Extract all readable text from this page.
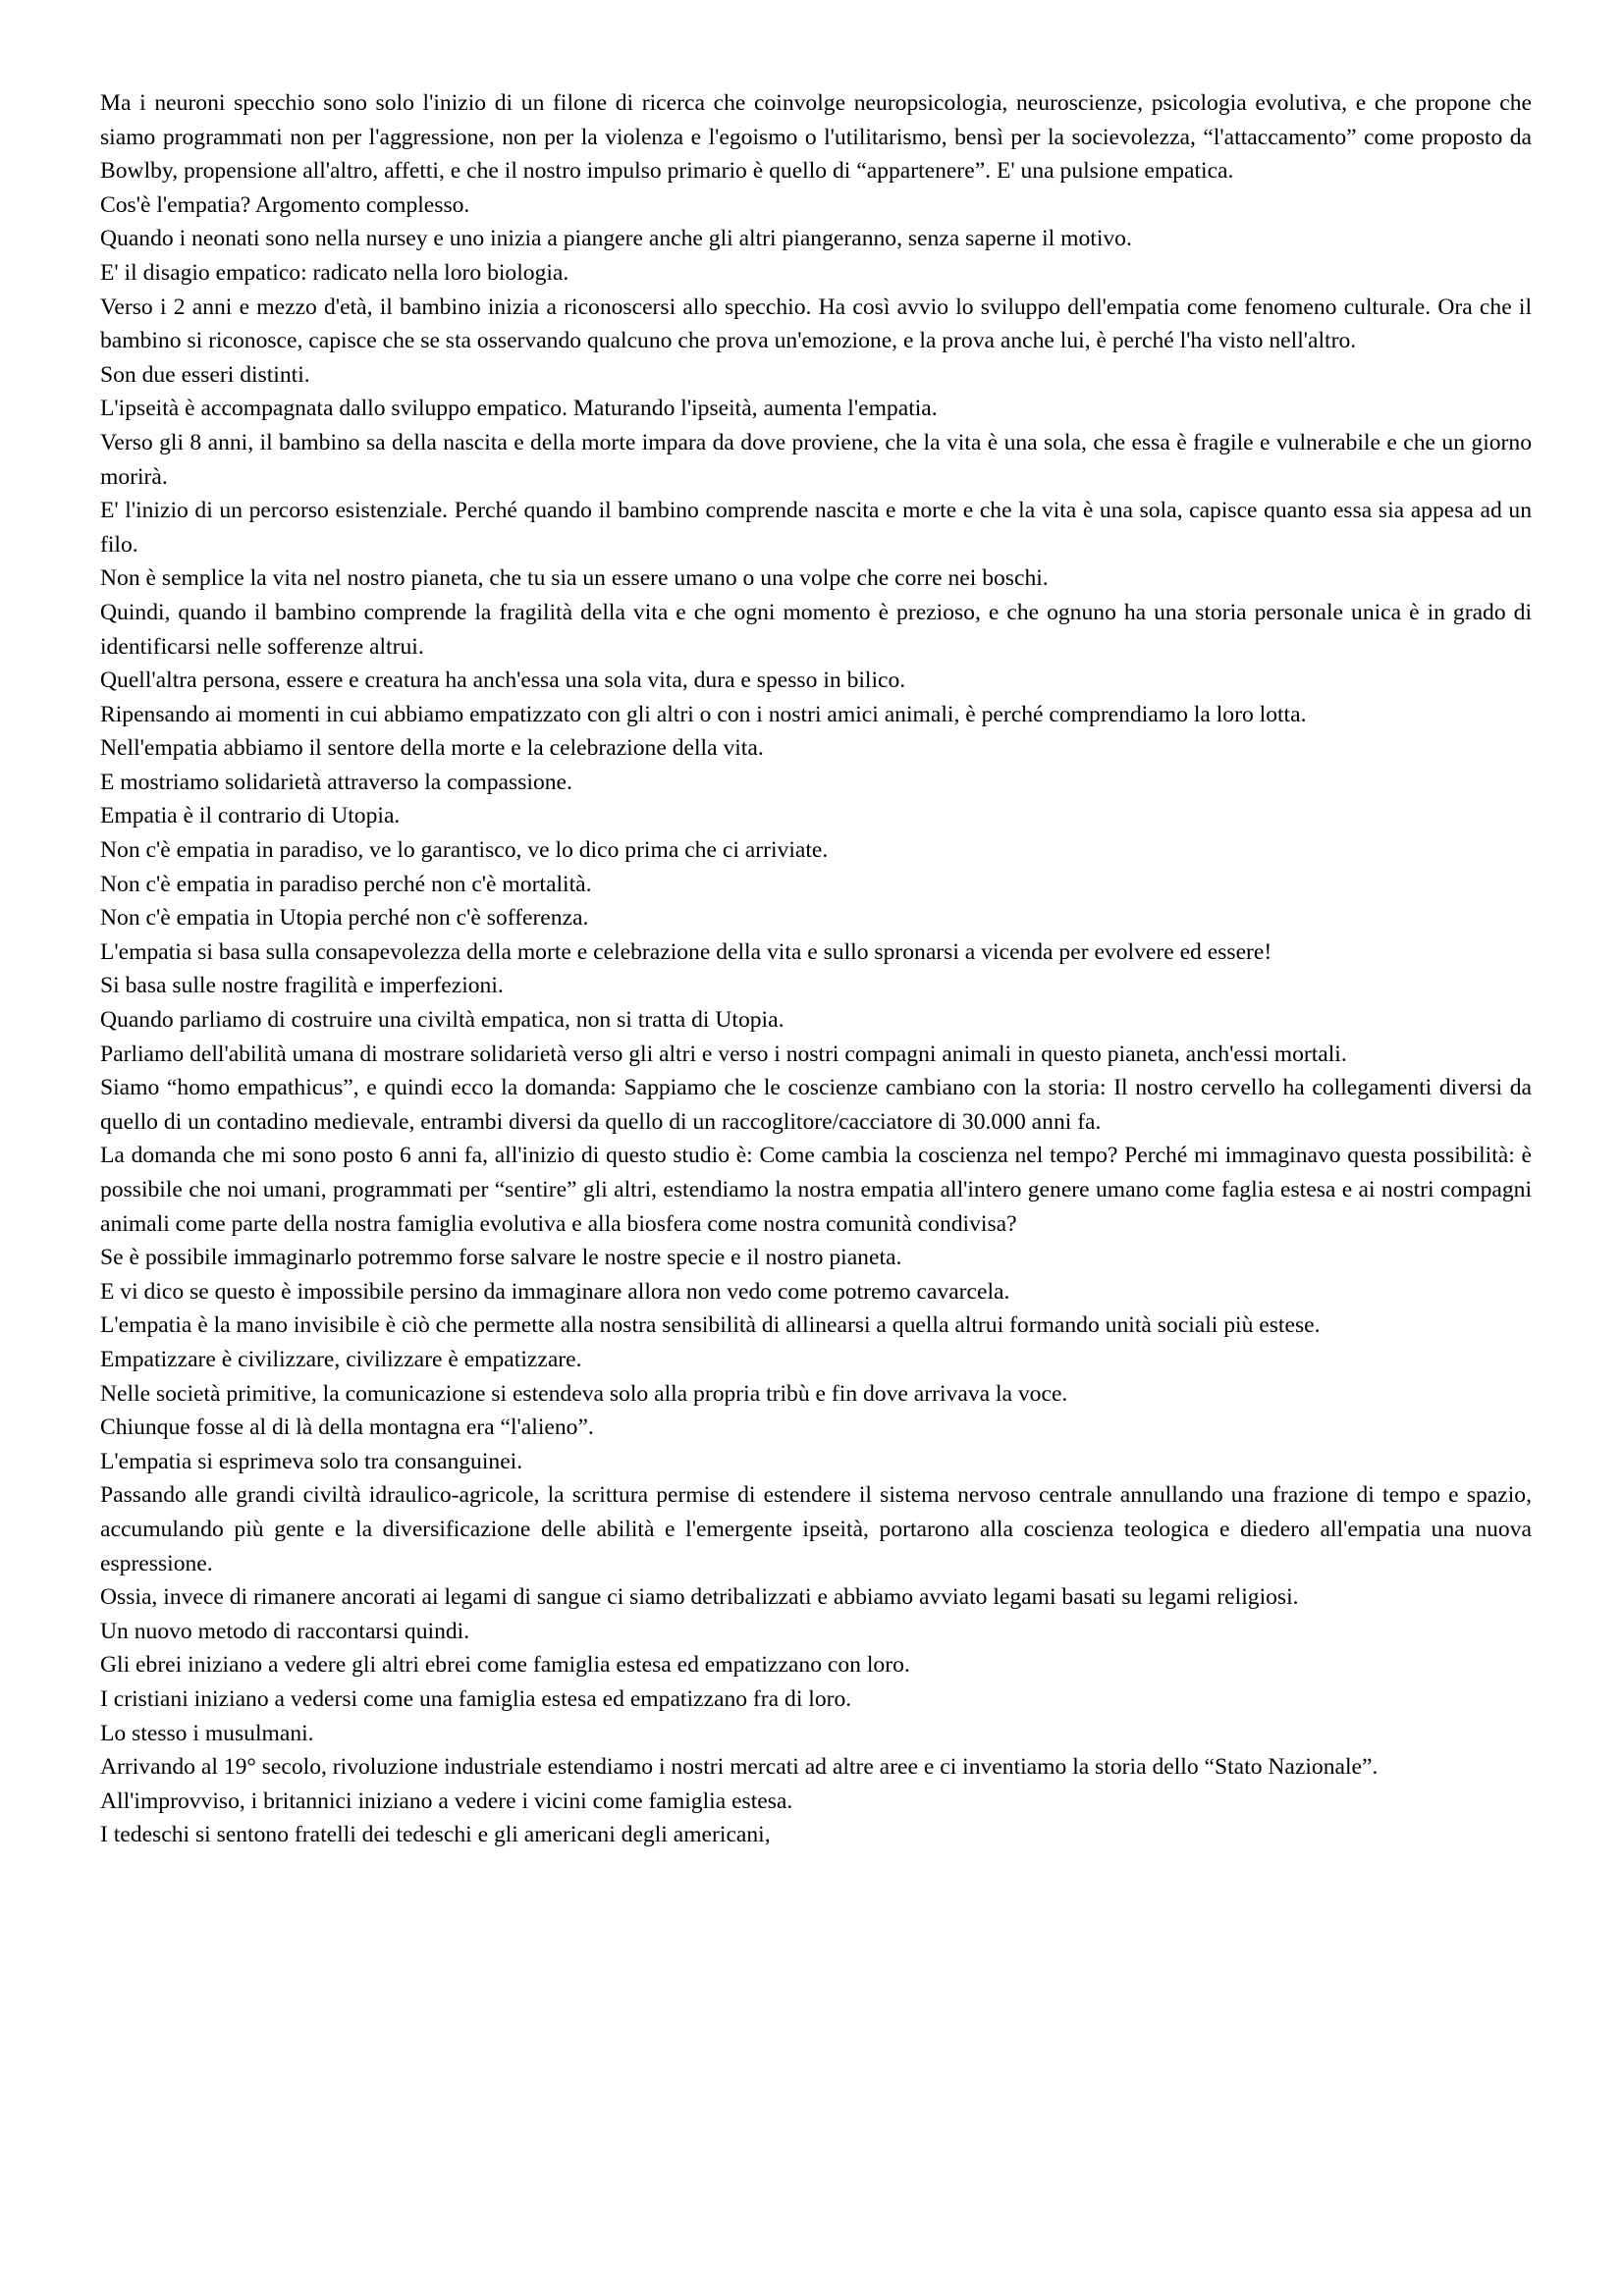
Ma i neuroni specchio sono solo l'inizio di un filone di ricerca che coinvolge neuropsicologia, neuroscienze, psicologia evolutiva, e che propone che siamo programmati non per l'aggressione, non per la violenza e l'egoismo o l'utilitarismo, bensì per la socievolezza, “l'attaccamento” come proposto da Bowlby, propensione all'altro, affetti, e che il nostro impulso primario è quello di “appartenere”. E' una pulsione empatica.

Cos'è l'empatia? Argomento complesso.

Quando i neonati sono nella nursey e uno inizia a piangere anche gli altri piangeranno, senza saperne il motivo.

E' il disagio empatico: radicato nella loro biologia.

Verso i 2 anni e mezzo d'età, il bambino inizia a riconoscersi allo specchio. Ha così avvio lo sviluppo dell'empatia come fenomeno culturale. Ora che il bambino si riconosce, capisce che se sta osservando qualcuno che prova un'emozione, e la prova anche lui, è perché l'ha visto nell'altro.

Son due esseri distinti.

L'ipseità è accompagnata dallo sviluppo empatico. Maturando l'ipseità, aumenta l'empatia.

Verso gli 8 anni, il bambino sa della nascita e della morte impara da dove proviene, che la vita è una sola, che essa è fragile e vulnerabile e che un giorno morirà.

E' l'inizio di un percorso esistenziale. Perché quando il bambino comprende nascita e morte e che la vita è una sola, capisce quanto essa sia appesa ad un filo.

Non è semplice la vita nel nostro pianeta, che tu sia un essere umano o una volpe che corre nei boschi.

Quindi, quando il bambino comprende la fragilità della vita e che ogni momento è prezioso, e che ognuno ha una storia personale unica è in grado di identificarsi nelle sofferenze altrui.

Quell'altra persona, essere e creatura ha anch'essa una sola vita, dura e spesso in bilico.

Ripensando ai momenti in cui abbiamo empatizzato con gli altri o con i nostri amici animali, è perché comprendiamo la loro lotta.

Nell'empatia abbiamo il sentore della morte e la celebrazione della vita.

E mostriamo solidarietà attraverso la compassione.

Empatia è il contrario di Utopia.

Non c'è empatia in paradiso, ve lo garantisco, ve lo dico prima che ci arriviate.

Non c'è empatia in paradiso perché non c'è mortalità.

Non c'è empatia in Utopia perché non c'è sofferenza.

L'empatia si basa sulla consapevolezza della morte e celebrazione della vita e sullo spronarsi a vicenda per evolvere ed essere!

Si basa sulle nostre fragilità e imperfezioni.

Quando parliamo di costruire una civiltà empatica, non si tratta di Utopia.

Parliamo dell'abilità umana di mostrare solidarietà verso gli altri e verso i nostri compagni animali in questo pianeta, anch'essi mortali.

Siamo “homo empathicus”, e quindi ecco la domanda: Sappiamo che le coscienze cambiano con la storia: Il nostro cervello ha collegamenti diversi da quello di un contadino medievale, entrambi diversi da quello di un raccoglitore/cacciatore di 30.000 anni fa.

La domanda che mi sono posto 6 anni fa, all'inizio di questo studio è: Come cambia la coscienza nel tempo? Perché mi immaginavo questa possibilità: è possibile che noi umani, programmati per “sentire” gli altri, estendiamo la nostra empatia all'intero genere umano come faglia estesa e ai nostri compagni animali come parte della nostra famiglia evolutiva e alla biosfera come nostra comunità condivisa?

Se è possibile immaginarlo potremmo forse salvare le nostre specie e il nostro pianeta.

E vi dico se questo è impossibile persino da immaginare allora non vedo come potremo cavarcela.

L'empatia è la mano invisibile è ciò che permette alla nostra sensibilità di allinearsi a quella altrui formando unità sociali più estese.

Empatizzare è civilizzare, civilizzare è empatizzare.

Nelle società primitive, la comunicazione si estendeva solo alla propria tribù e fin dove arrivava la voce.

Chiunque fosse al di là della montagna era “l'alieno”.

L'empatia si esprimeva solo tra consanguinei.

Passando alle grandi civiltà idraulico-agricole, la scrittura permise di estendere il sistema nervoso centrale annullando una frazione di tempo e spazio, accumulando più gente e la diversificazione delle abilità e l'emergente ipseità, portarono alla coscienza teologica e diedero all'empatia una nuova espressione.

Ossia, invece di rimanere ancorati ai legami di sangue ci siamo detribalizzati e abbiamo avviato legami basati su legami religiosi.

Un nuovo metodo di raccontarsi quindi.

Gli ebrei iniziano a vedere gli altri ebrei come famiglia estesa ed empatizzano con loro.

I cristiani iniziano a vedersi come una famiglia estesa ed empatizzano fra di loro.

Lo stesso i musulmani.

Arrivando al 19° secolo, rivoluzione industriale estendiamo i nostri mercati ad altre aree e ci inventiamo la storia dello “Stato Nazionale”.

All'improvviso, i britannici iniziano a vedere i vicini come famiglia estesa.

I tedeschi si sentono fratelli dei tedeschi e gli americani degli americani,
